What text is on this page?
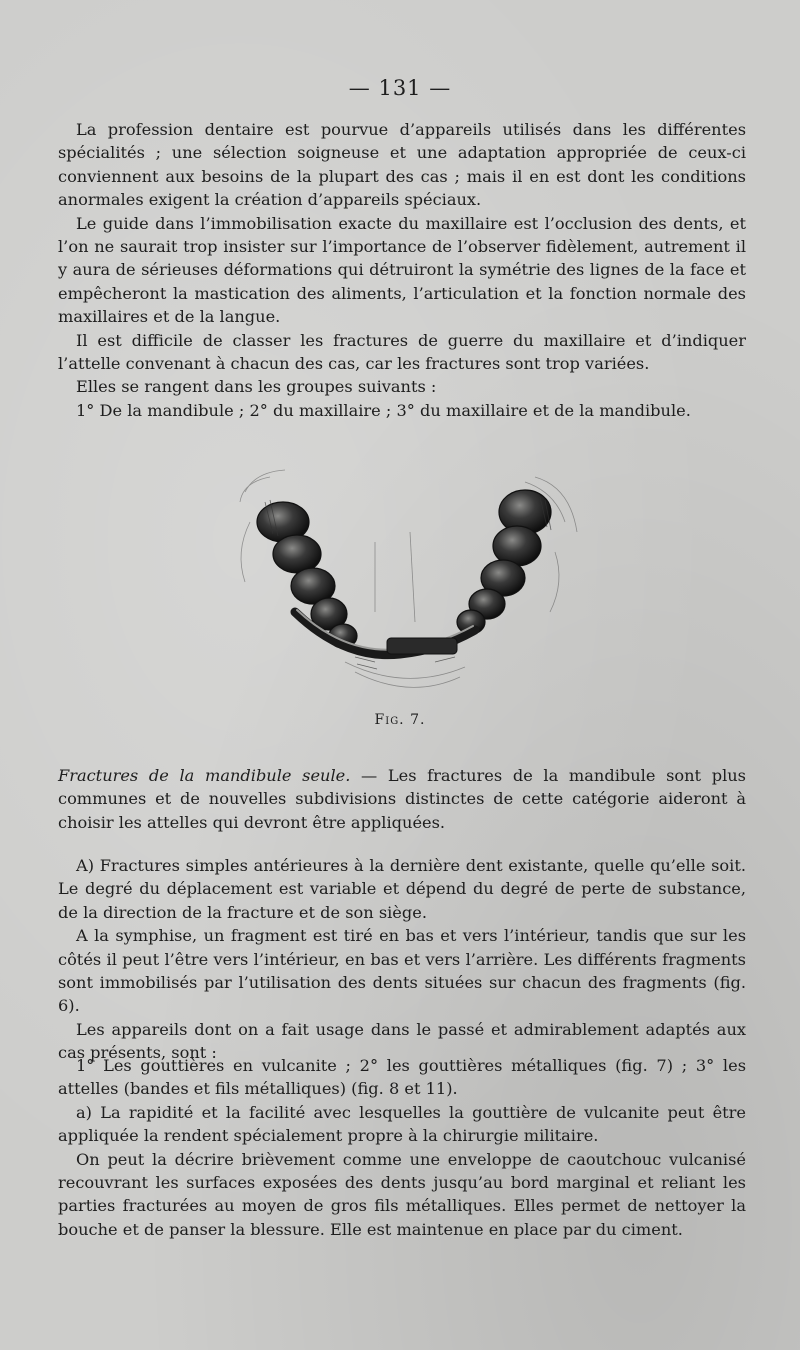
— 131 —

La profession dentaire est pourvue d’appareils utilisés dans les différentes spécialités ; une sélection soigneuse et une adaptation appropriée de ceux-ci conviennent aux besoins de la plupart des cas ; mais il en est dont les conditions anormales exigent la création d’appareils spéciaux.

Le guide dans l’immobilisation exacte du maxillaire est l’occlusion des dents, et l’on ne saurait trop insister sur l’importance de l’observer fidèlement, autrement il y aura de sérieuses déformations qui détruiront la symétrie des lignes de la face et empêcheront la mastication des aliments, l’articulation et la fonction normale des maxillaires et de la langue.

Il est difficile de classer les fractures de guerre du maxillaire et d’indiquer l’attelle convenant à chacun des cas, car les fractures sont trop variées.

Elles se rangent dans les groupes suivants :

1° De la mandibule ; 2° du maxillaire ; 3° du maxillaire et de la mandibule.

Fig. 7.

Fractures de la mandibule seule. — Les fractures de la mandibule sont plus communes et de nouvelles subdivisions distinctes de cette catégorie aideront à choisir les attelles qui devront être appliquées.

A) Fractures simples antérieures à la dernière dent existante, quelle qu’elle soit. Le degré du déplacement est variable et dépend du degré de perte de substance, de la direction de la fracture et de son siège.

A la symphise, un fragment est tiré en bas et vers l’intérieur, tandis que sur les côtés il peut l’être vers l’intérieur, en bas et vers l’arrière. Les différents fragments sont immobilisés par l’utilisation des dents situées sur chacun des fragments (fig. 6).

Les appareils dont on a fait usage dans le passé et admirablement adaptés aux cas présents, sont :

1° Les gouttières en vulcanite ; 2° les gouttières métalliques (fig. 7) ; 3° les attelles (bandes et fils métalliques) (fig. 8 et 11).

a) La rapidité et la facilité avec lesquelles la gouttière de vulcanite peut être appliquée la rendent spécialement propre à la chirurgie militaire.

On peut la décrire brièvement comme une enveloppe de caoutchouc vulcanisé recouvrant les surfaces exposées des dents jusqu’au bord marginal et reliant les parties fracturées au moyen de gros fils métalliques. Elles permet de nettoyer la bouche et de panser la blessure. Elle est maintenue en place par du ciment.
